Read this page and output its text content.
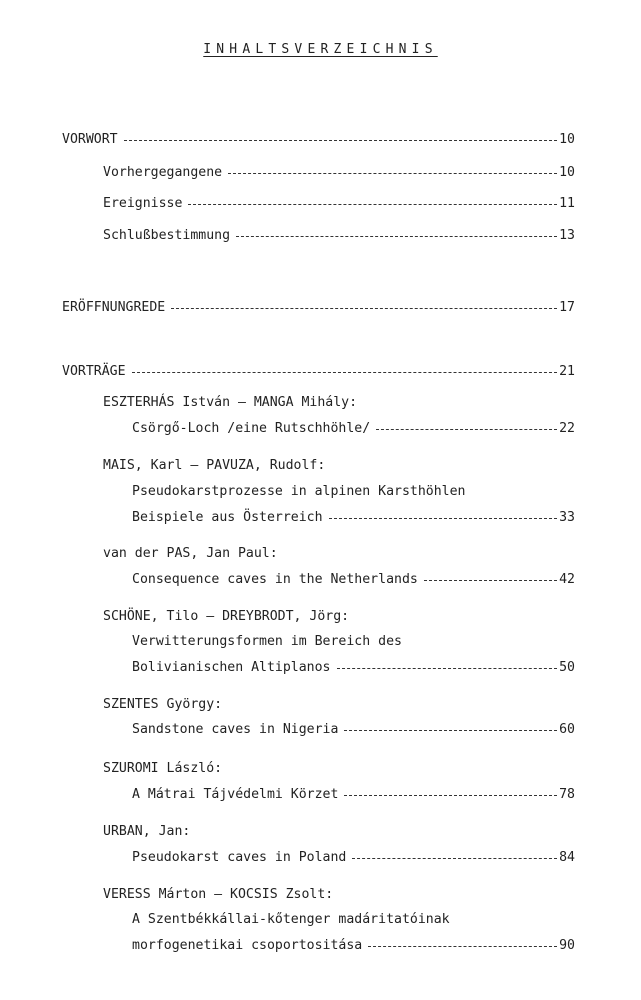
INHALTSVERZEICHNIS
VORWORT	10
Vorhergegangene	10
Ereignisse	11
Schlußbestimmung	13
ERÖFFNUNGREDE	17
VORTRÄGE	21
ESZTERHÁS István — MANGA Mihály:
Csörgő-Loch /eine Rutschhöhle/	22
MAIS, Karl — PAVUZA, Rudolf:
Pseudokarstprozesse in alpinen Karsthöhlen
Beispiele aus Österreich	33
van der PAS, Jan Paul:
Consequence caves in the Netherlands	42
SCHÖNE, Tilo — DREYBRODT, Jörg:
Verwitterungsformen im Bereich des
Bolivianischen Altiplanos	50
SZENTES György:
Sandstone caves in Nigeria	60
SZUROMI László:
A Mátrai Tájvédelmi Körzet	78
URBAN, Jan:
Pseudokarst caves in Poland	84
VERESS Márton — KOCSIS Zsolt:
A Szentbékkállai-kőtenger madáritatóinak
morfogenetikai csoportositása	90
